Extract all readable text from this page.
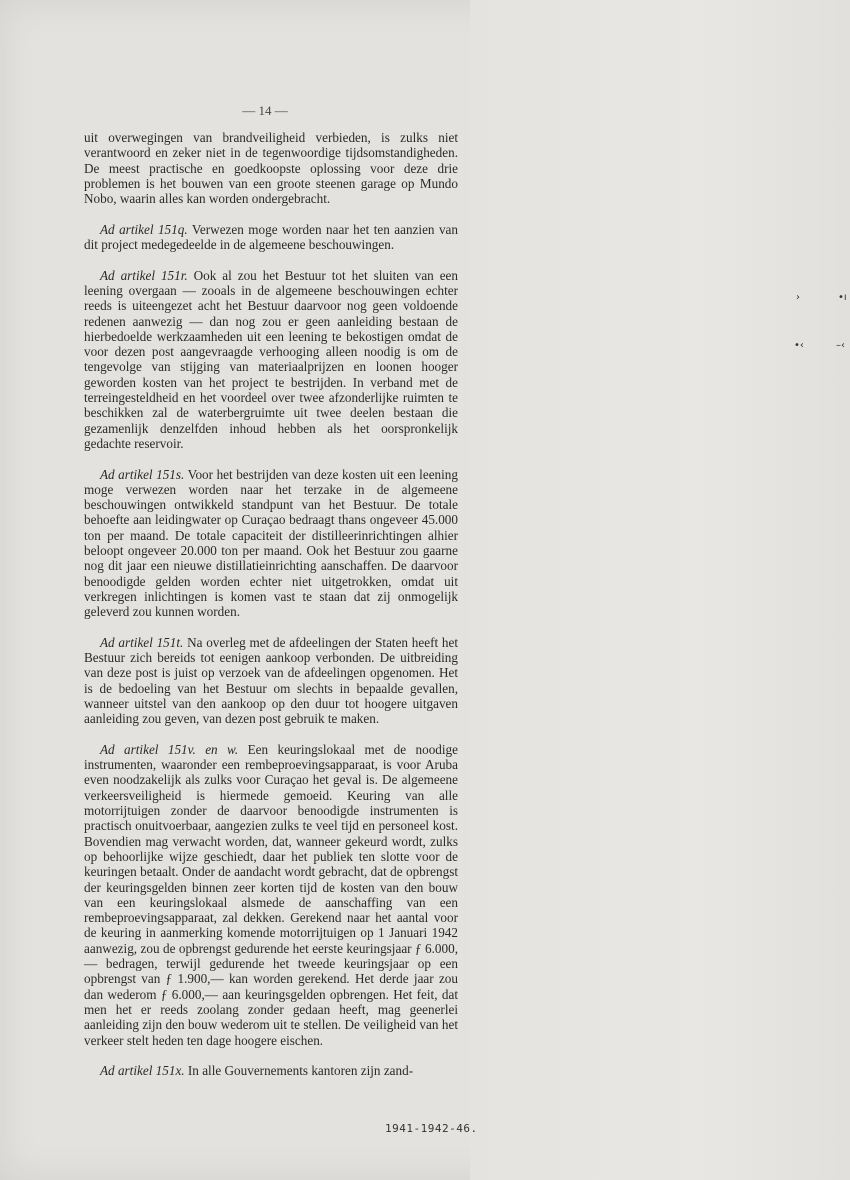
— 14 —

uit overwegingen van brandveiligheid verbieden, is zulks niet verantwoord en zeker niet in de tegenwoordige tijdsomstandigheden. De meest practische en goedkoopste oplossing voor deze drie problemen is het bouwen van een groote steenen garage op Mundo Nobo, waarin alles kan worden ondergebracht.

Ad artikel 151q. Verwezen moge worden naar het ten aanzien van dit project medegedeelde in de algemeene beschouwingen.

Ad artikel 151r. Ook al zou het Bestuur tot het sluiten van een leening overgaan — zooals in de algemeene beschouwingen echter reeds is uiteengezet acht het Bestuur daarvoor nog geen voldoende redenen aanwezig — dan nog zou er geen aanleiding bestaan de hierbedoelde werkzaamheden uit een leening te bekostigen omdat de voor dezen post aangevraagde verhooging alleen noodig is om de tengevolge van stijging van materiaalprijzen en loonen hooger geworden kosten van het project te bestrijden. In verband met de terreingesteldheid en het voordeel over twee afzonderlijke ruimten te beschikken zal de waterbergruimte uit twee deelen bestaan die gezamenlijk denzelfden inhoud hebben als het oorspronkelijk gedachte reservoir.

Ad artikel 151s. Voor het bestrijden van deze kosten uit een leening moge verwezen worden naar het terzake in de algemeene beschouwingen ontwikkeld standpunt van het Bestuur. De totale behoefte aan leidingwater op Curaçao bedraagt thans ongeveer 45.000 ton per maand. De totale capaciteit der distilleerinrichtingen alhier beloopt ongeveer 20.000 ton per maand. Ook het Bestuur zou gaarne nog dit jaar een nieuwe distillatieinrichting aanschaffen. De daarvoor benoodigde gelden worden echter niet uitgetrokken, omdat uit verkregen inlichtingen is komen vast te staan dat zij onmogelijk geleverd zou kunnen worden.

Ad artikel 151t. Na overleg met de afdeelingen der Staten heeft het Bestuur zich bereids tot eenigen aankoop verbonden. De uitbreiding van deze post is juist op verzoek van de afdeelingen opgenomen. Het is de bedoeling van het Bestuur om slechts in bepaalde gevallen, wanneer uitstel van den aankoop op den duur tot hoogere uitgaven aanleiding zou geven, van dezen post gebruik te maken.

Ad artikel 151v. en w. Een keuringslokaal met de noodige instrumenten, waaronder een rembeproevingsapparaat, is voor Aruba even noodzakelijk als zulks voor Curaçao het geval is. De algemeene verkeersveiligheid is hiermede gemoeid. Keuring van alle motorrijtuigen zonder de daarvoor benoodigde instrumenten is practisch onuitvoerbaar, aangezien zulks te veel tijd en personeel kost. Bovendien mag verwacht worden, dat, wanneer gekeurd wordt, zulks op behoorlijke wijze geschiedt, daar het publiek ten slotte voor de keuringen betaalt. Onder de aandacht wordt gebracht, dat de opbrengst der keuringsgelden binnen zeer korten tijd de kosten van den bouw van een keuringslokaal alsmede de aanschaffing van een rembeproevingsapparaat, zal dekken. Gerekend naar het aantal voor de keuring in aanmerking komende motorrijtuigen op 1 Januari 1942 aanwezig, zou de opbrengst gedurende het eerste keuringsjaar ƒ 6.000,— bedragen, terwijl gedurende het tweede keuringsjaar op een opbrengst van ƒ 1.900,— kan worden gerekend. Het derde jaar zou dan wederom ƒ 6.000,— aan keuringsgelden opbrengen. Het feit, dat men het er reeds zoolang zonder gedaan heeft, mag geenerlei aanleiding zijn den bouw wederom uit te stellen. De veiligheid van het verkeer stelt heden ten dage hoogere eischen.

Ad artikel 151x. In alle Gouvernements kantoren zijn zand-

›	•ı
•‹	–‹
1941-1942-46.
